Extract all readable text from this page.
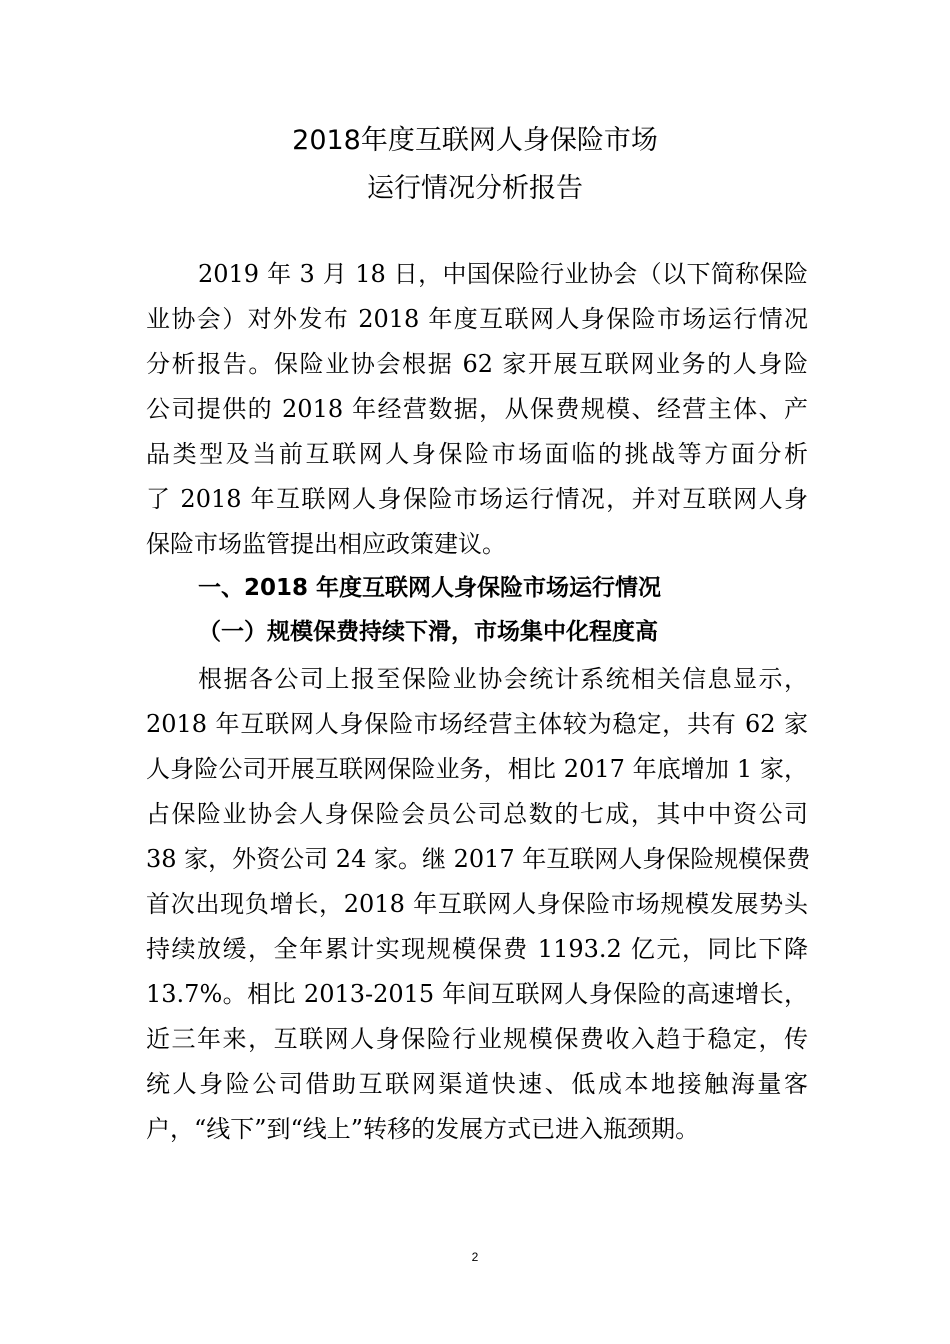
2018年度互联网人身保险市场
运行情况分析报告
2019 年 3 月 18 日，中国保险行业协会（以下简称保险
业协会）对外发布 2018 年度互联网人身保险市场运行情况
分析报告。保险业协会根据 62 家开展互联网业务的人身险
公司提供的 2018 年经营数据，从保费规模、经营主体、产
品类型及当前互联网人身保险市场面临的挑战等方面分析
了 2018 年互联网人身保险市场运行情况，并对互联网人身
保险市场监管提出相应政策建议。
一、2018 年度互联网人身保险市场运行情况
（一）规模保费持续下滑，市场集中化程度高
根据各公司上报至保险业协会统计系统相关信息显示，
2018 年互联网人身保险市场经营主体较为稳定，共有 62 家
人身险公司开展互联网保险业务，相比 2017 年底增加 1 家，
占保险业协会人身保险会员公司总数的七成，其中中资公司
38 家，外资公司 24 家。继 2017 年互联网人身保险规模保费
首次出现负增长，2018 年互联网人身保险市场规模发展势头
持续放缓，全年累计实现规模保费 1193.2 亿元，同比下降
13.7%。相比 2013-2015 年间互联网人身保险的高速增长，
近三年来，互联网人身保险行业规模保费收入趋于稳定，传
统人身险公司借助互联网渠道快速、低成本地接触海量客
户，“线下”到“线上”转移的发展方式已进入瓶颈期。
2
